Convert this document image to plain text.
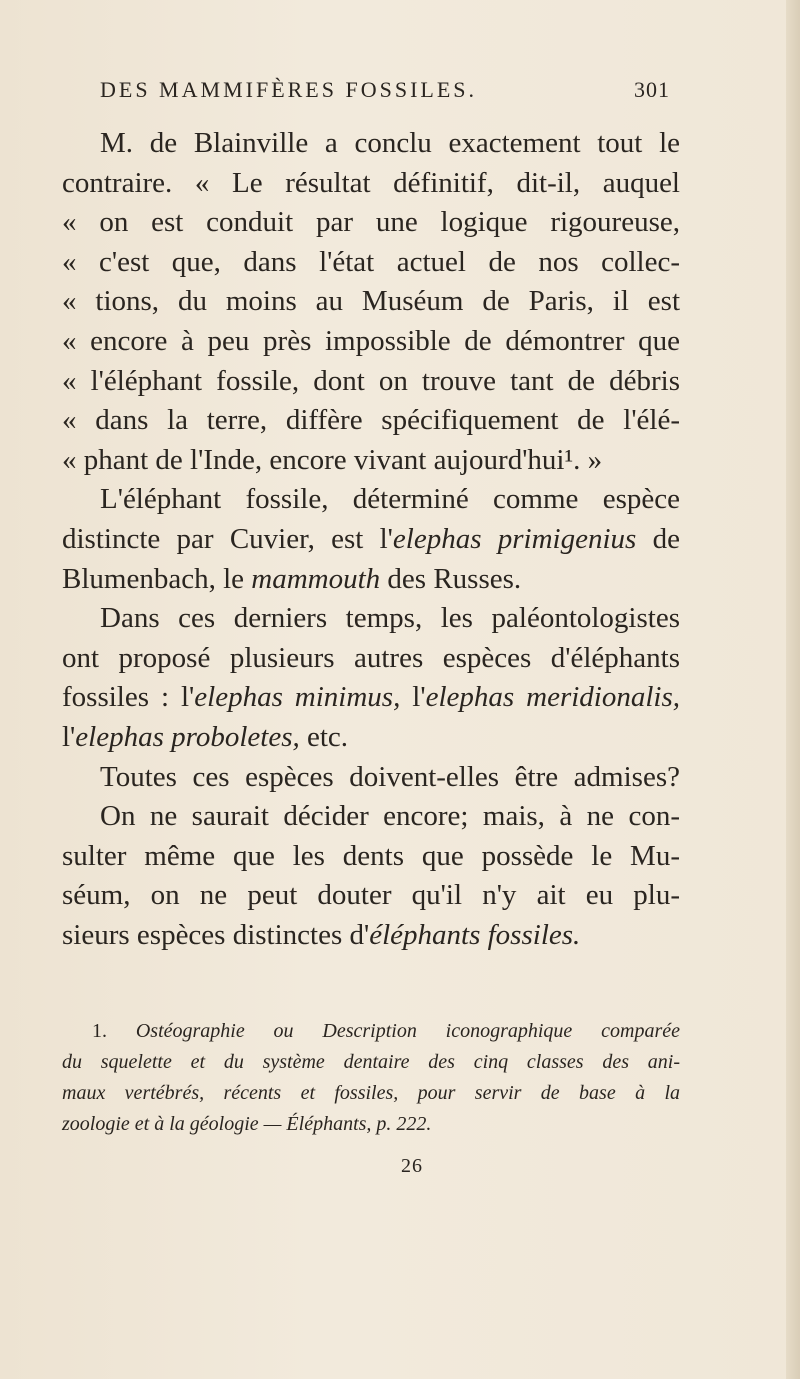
DES MAMMIFÈRES FOSSILES.	301
M. de Blainville a conclu exactement tout le
contraire. « Le résultat définitif, dit-il, auquel
« on est conduit par une logique rigoureuse,
« c'est que, dans l'état actuel de nos collec-
« tions, du moins au Muséum de Paris, il est
« encore à peu près impossible de démontrer que
« l'éléphant fossile, dont on trouve tant de débris
« dans la terre, diffère spécifiquement de l'élé-
« phant de l'Inde, encore vivant aujourd'hui¹. »
L'éléphant fossile, déterminé comme espèce
distincte par Cuvier, est l'elephas primigenius de
Blumenbach, le mammouth des Russes.
Dans ces derniers temps, les paléontologistes
ont proposé plusieurs autres espèces d'éléphants
fossiles : l'elephas minimus, l'elephas meridionalis,
l'elephas proboletes, etc.
Toutes ces espèces doivent-elles être admises?
On ne saurait décider encore; mais, à ne con-
sulter même que les dents que possède le Mu-
séum, on ne peut douter qu'il n'y ait eu plu-
sieurs espèces distinctes d'éléphants fossiles.
1. Ostéographie ou Description iconographique comparée
du squelette et du système dentaire des cinq classes des ani-
maux vertébrés, récents et fossiles, pour servir de base à la
zoologie et à la géologie — Éléphants, p. 222.
26
